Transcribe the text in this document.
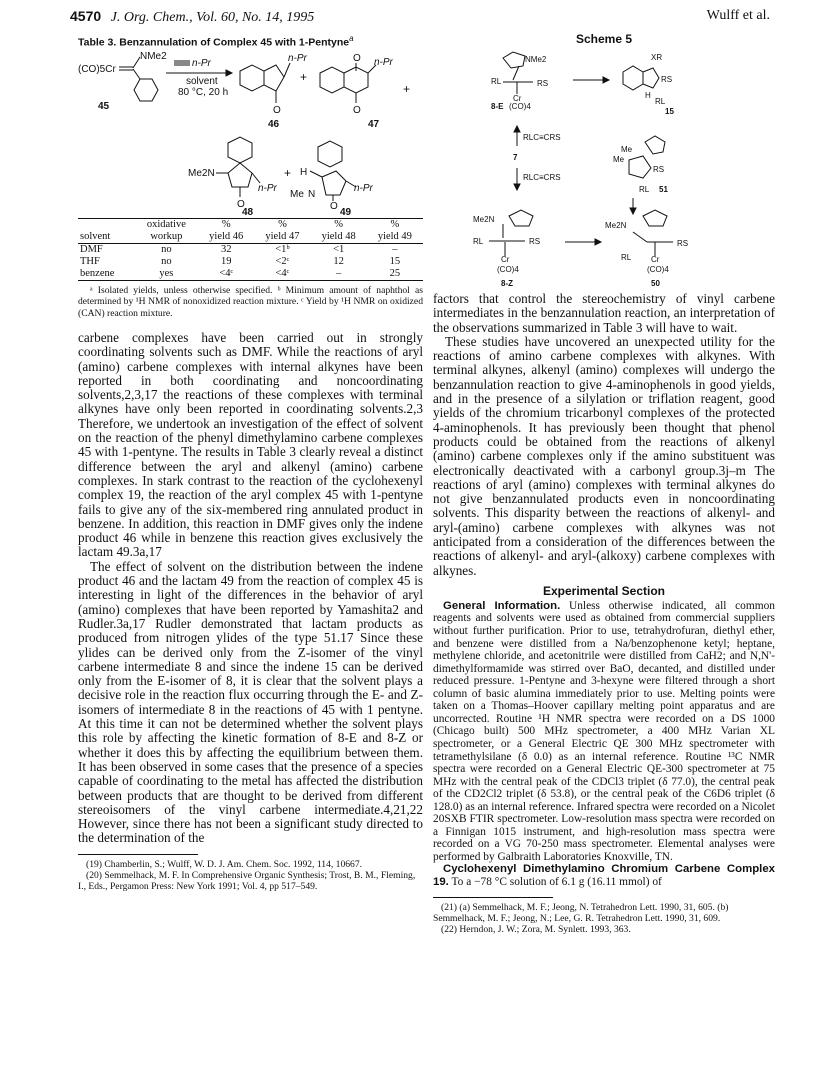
4570 J. Org. Chem., Vol. 60, No. 14, 1995	Wulff et al.
Table 3. Benzannulation of Complex 45 with 1-Pentyne$^a$
(CO)5Cr
NMe2
45
n-Pr
solvent
80 °C, 20 h
n-Pr
O
46
+
O n-Pr
O
47
+
Me2N
n-Pr
O
48
+ H
Me N
n-Pr
O
49
	oxidative	%	%	%	%
solvent	workup	yield 46	yield 47	yield 48	yield 49
DMF	no	32	<1ᵇ	<1	–
THF	no	19	<2ᶜ	12	15
benzene	yes	<4ᶜ	<4ᶜ	–	25
ᵃ Isolated yields, unless otherwise specified. ᵇ Minimum amount of naphthol as determined by ¹H NMR of nonoxidized reaction mixture. ᶜ Yield by ¹H NMR on oxidized (CAN) reaction mixture.

carbene complexes have been carried out in strongly coordinating solvents such as DMF. While the reactions of aryl (amino) carbene complexes with internal alkynes have been reported in both coordinating and noncoordinating solvents,2,3,17 the reactions of these complexes with terminal alkynes have only been reported in coordinating solvents.2,3 Therefore, we undertook an investigation of the effect of solvent on the reaction of the phenyl dimethylamino carbene complexes 45 with 1-pentyne. The results in Table 3 clearly reveal a distinct difference between the aryl and alkenyl (amino) carbene complexes. In stark contrast to the reaction of the cyclohexenyl complex 19, the reaction of the aryl complex 45 with 1-pentyne fails to give any of the six-membered ring annulated product in benzene. In addition, this reaction in DMF gives only the indene product 46 while in benzene this reaction gives exclusively the lactam 49.3a,17

The effect of solvent on the distribution between the indene product 46 and the lactam 49 from the reaction of complex 45 is interesting in light of the differences in the behavior of aryl (amino) complexes that have been reported by Yamashita2 and Rudler.3a,17 Rudler demonstrated that lactam products as produced from nitrogen ylides of the type 51.17 Since these ylides can be derived only from the Z-isomer of the vinyl carbene intermediate 8 and since the indene 15 can be derived only from the E-isomer of 8, it is clear that the solvent plays a decisive role in the reaction flux occurring through the E- and Z-isomers of intermediate 8 in the reactions of 45 with 1 pentyne. At this time it can not be determined whether the solvent plays this role by affecting the kinetic formation of 8-E and 8-Z or whether it does this by affecting the equilibrium between them. It has been observed in some cases that the presence of a species capable of coordinating to the metal has affected the distribution between products that are thought to be derived from different stereoisomers of the vinyl carbene intermediate.4,21,22 However, since there has not been a significant study directed to the determination of the

(19) Chamberlin, S.; Wulff, W. D. J. Am. Chem. Soc. 1992, 114, 10667.

(20) Semmelhack, M. F. In Comprehensive Organic Synthesis; Trost, B. M., Fleming, I., Eds., Pergamon Press: New York 1991; Vol. 4, pp 517–549.

Scheme 5
NMe2
RL	RS
Cr
(CO)4
8-E
XR
RS
H
RL
15
RLC≡CRS
7
RLC≡CRS
Me
Me
RS
RL 51
Me2N
RL	RS
Cr
(CO)4
8-Z
Me2N
RS
RL Cr
(CO)4
50

factors that control the stereochemistry of vinyl carbene intermediates in the benzannulation reaction, an interpretation of the observations summarized in Table 3 will have to wait.

These studies have uncovered an unexpected utility for the reactions of amino carbene complexes with alkynes. With terminal alkynes, alkenyl (amino) complexes will undergo the benzannulation reaction to give 4-aminophenols in good yields, and in the presence of a silylation or triflation reagent, good yields of the chromium tricarbonyl complexes of the protected 4-aminophenols. It has previously been thought that phenol products could be obtained from the reactions of alkenyl (amino) carbene complexes only if the amino substituent was electronically deactivated with a carbonyl group.3j–m The reactions of aryl (amino) complexes with terminal alkynes do not give benzannulated products even in noncoordinating solvents. This disparity between the reactions of alkenyl- and aryl-(amino) carbene complexes with alkynes was not anticipated from a consideration of the differences between the reactions of alkenyl- and aryl-(alkoxy) carbene complexes with alkynes.

Experimental Section

General Information. Unless otherwise indicated, all common reagents and solvents were used as obtained from commercial suppliers without further purification. Prior to use, tetrahydrofuran, diethyl ether, and benzene were distilled from a Na/benzophenone ketyl; heptane, methylene chloride, and acetonitrile were distilled from CaH2; and N,N'-dimethylformamide was stirred over BaO, decanted, and distilled under reduced pressure. 1-Pentyne and 3-hexyne were filtered through a short column of basic alumina immediately prior to use. Melting points were taken on a Thomas–Hoover capillary melting point apparatus and are uncorrected. Routine ¹H NMR spectra were recorded on a DS 1000 (Chicago built) 500 MHz spectrometer, a 400 MHz Varian XL spectrometer, or a General Electric QE 300 MHz spectrometer with tetramethylsilane (δ 0.0) as an internal reference. Routine ¹³C NMR spectra were recorded on a General Electric QE-300 spectrometer at 75 MHz with the central peak of the CDCl3 triplet (δ 77.0), the central peak of the CD2Cl2 triplet (δ 53.8), or the central peak of the C6D6 triplet (δ 128.0) as an internal reference. Infrared spectra were recorded on a Nicolet 20SXB FTIR spectrometer. Low-resolution mass spectra were recorded on a Finnigan 1015 instrument, and high-resolution mass spectra were recorded on a VG 70-250 mass spectrometer. Elemental analyses were performed by Galbraith Laboratories Knoxville, TN.

Cyclohexenyl Dimethylamino Chromium Carbene Complex 19. To a −78 °C solution of 6.1 g (16.11 mmol) of

(21) (a) Semmelhack, M. F.; Jeong, N. Tetrahedron Lett. 1990, 31, 605. (b) Semmelhack, M. F.; Jeong, N.; Lee, G. R. Tetrahedron Lett. 1990, 31, 609.

(22) Herndon, J. W.; Zora, M. Synlett. 1993, 363.
